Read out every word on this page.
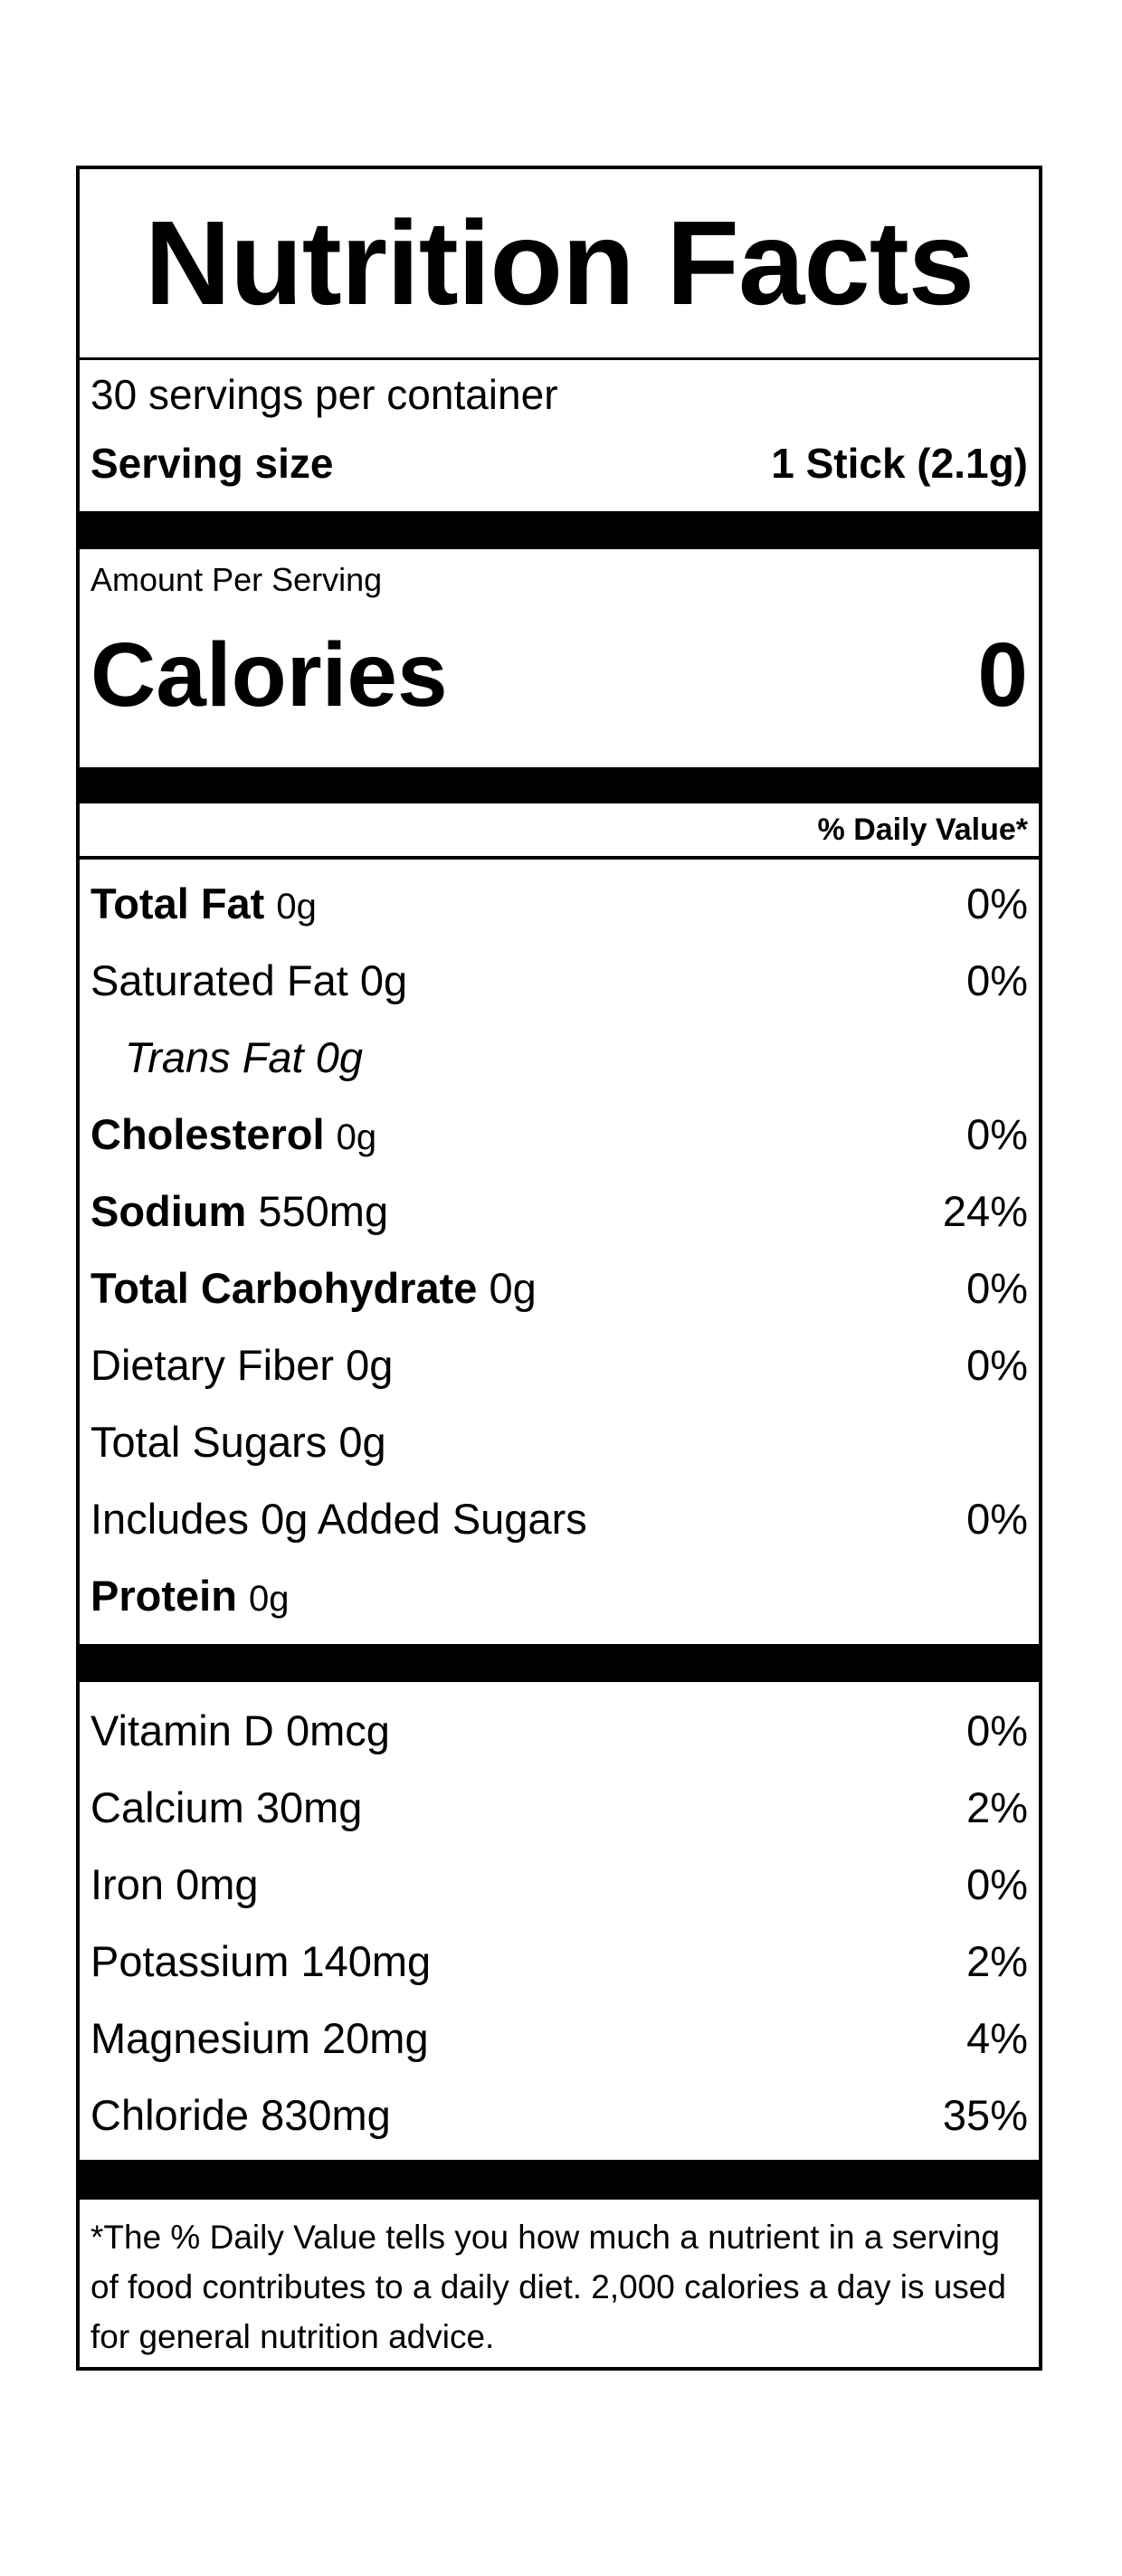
Nutrition Facts
30 servings per container
Serving size	1 Stick (2.1g)
Amount Per Serving
Calories	0
% Daily Value*
Total Fat 0g	0%
Saturated Fat 0g	0%
Trans Fat 0g
Cholesterol 0g	0%
Sodium 550mg	24%
Total Carbohydrate 0g	0%
Dietary Fiber 0g	0%
Total Sugars 0g
Includes 0g Added Sugars	0%
Protein 0g
Vitamin D 0mcg	0%
Calcium 30mg	2%
Iron 0mg	0%
Potassium 140mg	2%
Magnesium 20mg	4%
Chloride 830mg	35%
*The % Daily Value tells you how much a nutrient in a serving of food contributes to a daily diet. 2,000 calories a day is used for general nutrition advice.
